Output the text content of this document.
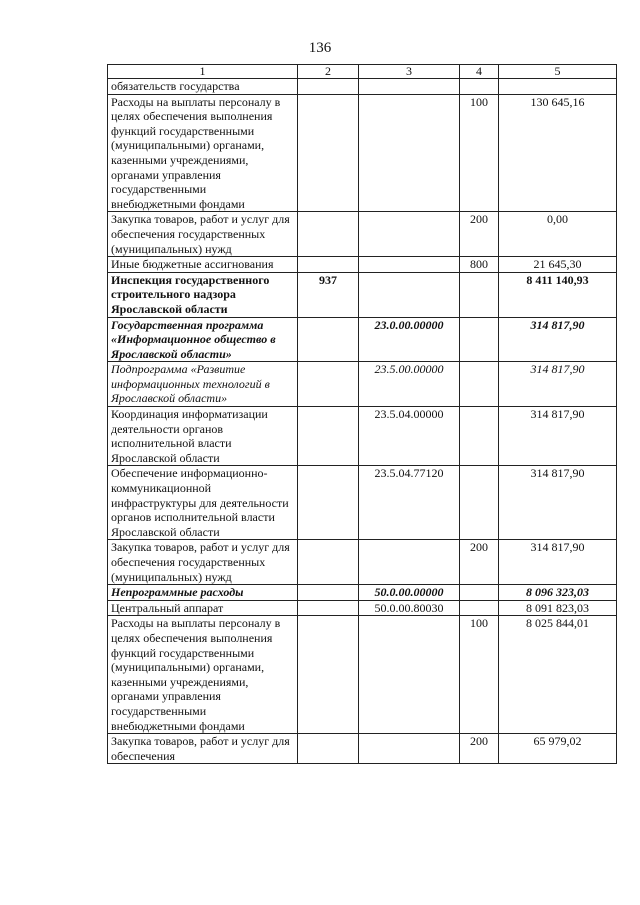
136
1	2	3	4	5
обязательств государства				
Расходы на выплаты персоналу в целях обеспечения выполнения функций государственными (муниципальными) органами, казенными учреждениями, органами управления государственными внебюджетными фондами			100	130 645,16
Закупка товаров, работ и услуг для обеспечения государственных (муниципальных) нужд			200	0,00
Иные бюджетные ассигнования			800	21 645,30
Инспекция государственного строительного надзора Ярославской области	937			8 411 140,93
Государственная программа «Информационное общество в Ярославской области»		23.0.00.00000		314 817,90
Подпрограмма «Развитие информационных технологий в Ярославской области»		23.5.00.00000		314 817,90
Координация информатизации деятельности органов исполнительной власти Ярославской области		23.5.04.00000		314 817,90
Обеспечение информационно-коммуникационной инфраструктуры для деятельности органов исполнительной власти Ярославской области		23.5.04.77120		314 817,90
Закупка товаров, работ и услуг для обеспечения государственных (муниципальных) нужд			200	314 817,90
Непрограммные расходы		50.0.00.00000		8 096 323,03
Центральный аппарат		50.0.00.80030		8 091 823,03
Расходы на выплаты персоналу в целях обеспечения выполнения функций государственными (муниципальными) органами, казенными учреждениями, органами управления государственными внебюджетными фондами			100	8 025 844,01
Закупка товаров, работ и услуг для обеспечения			200	65 979,02
